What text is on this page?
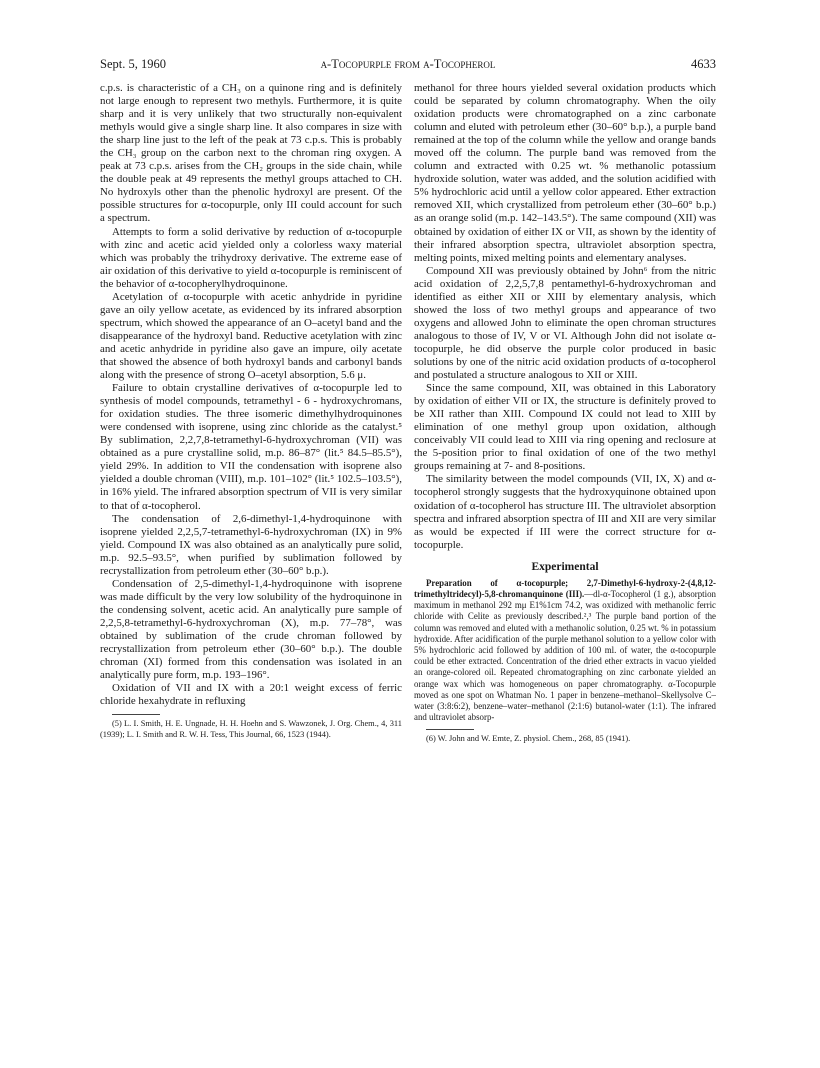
Sept. 5, 1960	α-Tocopurple from α-Tocopherol	4633

c.p.s. is characteristic of a CH₃ on a quinone ring and is definitely not large enough to represent two methyls. Furthermore, it is quite sharp and it is very unlikely that two structurally non-equivalent methyls would give a single sharp line. It also compares in size with the sharp line just to the left of the peak at 73 c.p.s. This is probably the CH₃ group on the carbon next to the chroman ring oxygen. A peak at 73 c.p.s. arises from the CH₂ groups in the side chain, while the double peak at 49 represents the methyl groups attached to CH. No hydroxyls other than the phenolic hydroxyl are present. Of the possible structures for α-tocopurple, only III could account for such a spectrum.

Attempts to form a solid derivative by reduction of α-tocopurple with zinc and acetic acid yielded only a colorless waxy material which was probably the trihydroxy derivative. The extreme ease of air oxidation of this derivative to yield α-tocopurple is reminiscent of the behavior of α-tocopherylhydroquinone.

Acetylation of α-tocopurple with acetic anhydride in pyridine gave an oily yellow acetate, as evidenced by its infrared absorption spectrum, which showed the appearance of an O–acetyl band and the disappearance of the hydroxyl band. Reductive acetylation with zinc and acetic anhydride in pyridine also gave an impure, oily acetate that showed the absence of both hydroxyl bands and carbonyl bands along with the presence of strong O–acetyl absorption, 5.6 μ.

Failure to obtain crystalline derivatives of α-tocopurple led to synthesis of model compounds, tetramethyl - 6 - hydroxychromans, for oxidation studies. The three isomeric dimethylhydroquinones were condensed with isoprene, using zinc chloride as the catalyst.⁵ By sublimation, 2,2,7,8-tetramethyl-6-hydroxychroman (VII) was obtained as a pure crystalline solid, m.p. 86–87° (lit.⁵ 84.5–85.5°), yield 29%. In addition to VII the condensation with isoprene also yielded a double chroman (VIII), m.p. 101–102° (lit.⁵ 102.5–103.5°), in 16% yield. The infrared absorption spectrum of VII is very similar to that of α-tocopherol.

The condensation of 2,6-dimethyl-1,4-hydroquinone with isoprene yielded 2,2,5,7-tetramethyl-6-hydroxychroman (IX) in 9% yield. Compound IX was also obtained as an analytically pure solid, m.p. 92.5–93.5°, when purified by sublimation followed by recrystallization from petroleum ether (30–60° b.p.).

Condensation of 2,5-dimethyl-1,4-hydroquinone with isoprene was made difficult by the very low solubility of the hydroquinone in the condensing solvent, acetic acid. An analytically pure sample of 2,2,5,8-tetramethyl-6-hydroxychroman (X), m.p. 77–78°, was obtained by sublimation of the crude chroman followed by recrystallization from petroleum ether (30–60° b.p.). The double chroman (XI) formed from this condensation was isolated in an analytically pure form, m.p. 193–196°.

Oxidation of VII and IX with a 20:1 weight excess of ferric chloride hexahydrate in refluxing

(5) L. I. Smith, H. E. Ungnade, H. H. Hoehn and S. Wawzonek, J. Org. Chem., 4, 311 (1939); L. I. Smith and R. W. H. Tess, This Journal, 66, 1523 (1944).

methanol for three hours yielded several oxidation products which could be separated by column chromatography. When the oily oxidation products were chromatographed on a zinc carbonate column and eluted with petroleum ether (30–60° b.p.), a purple band remained at the top of the column while the yellow and orange bands moved off the column. The purple band was removed from the column and extracted with 0.25 wt. % methanolic potassium hydroxide solution, water was added, and the solution acidified with 5% hydrochloric acid until a yellow color appeared. Ether extraction removed XII, which crystallized from petroleum ether (30–60° b.p.) as an orange solid (m.p. 142–143.5°). The same compound (XII) was obtained by oxidation of either IX or VII, as shown by the identity of their infrared absorption spectra, ultraviolet absorption spectra, melting points, mixed melting points and elementary analyses.

Compound XII was previously obtained by John⁶ from the nitric acid oxidation of 2,2,5,7,8 pentamethyl-6-hydroxychroman and identified as either XII or XIII by elementary analysis, which showed the loss of two methyl groups and appearance of two oxygens and allowed John to eliminate the open chroman structures analogous to those of IV, V or VI. Although John did not isolate α-tocopurple, he did observe the purple color produced in basic solutions by one of the nitric acid oxidation products of α-tocopherol and postulated a structure analogous to XII or XIII.

Since the same compound, XII, was obtained in this Laboratory by oxidation of either VII or IX, the structure is definitely proved to be XII rather than XIII. Compound IX could not lead to XIII by elimination of one methyl group upon oxidation, although conceivably VII could lead to XIII via ring opening and reclosure at the 5-position prior to final oxidation of one of the two methyl groups remaining at 7- and 8-positions.

The similarity between the model compounds (VII, IX, X) and α-tocopherol strongly suggests that the hydroxyquinone obtained upon oxidation of α-tocopherol has structure III. The ultraviolet absorption spectra and infrared absorption spectra of III and XII are very similar as would be expected if III were the correct structure for α-tocopurple.

Experimental

Preparation of α-tocopurple; 2,7-Dimethyl-6-hydroxy-2-(4,8,12-trimethyltridecyl)-5,8-chromanquinone (III).—dl-α-Tocopherol (1 g.), absorption maximum in methanol 292 mμ E1%1cm 74.2, was oxidized with methanolic ferric chloride with Celite as previously described.²,³ The purple band portion of the column was removed and eluted with a methanolic solution, 0.25 wt. % in potassium hydroxide. After acidification of the purple methanol solution to a yellow color with 5% hydrochloric acid followed by addition of 100 ml. of water, the α-tocopurple could be ether extracted. Concentration of the dried ether extracts in vacuo yielded an orange-colored oil. Repeated chromatographing on zinc carbonate yielded an orange wax which was homogeneous on paper chromatography. α-Tocopurple moved as one spot on Whatman No. 1 paper in benzene–methanol–Skellysolve C–water (3:8:6:2), benzene–water–methanol (2:1:6) butanol-water (1:1). The infrared and ultraviolet absorp-

(6) W. John and W. Emte, Z. physiol. Chem., 268, 85 (1941).
